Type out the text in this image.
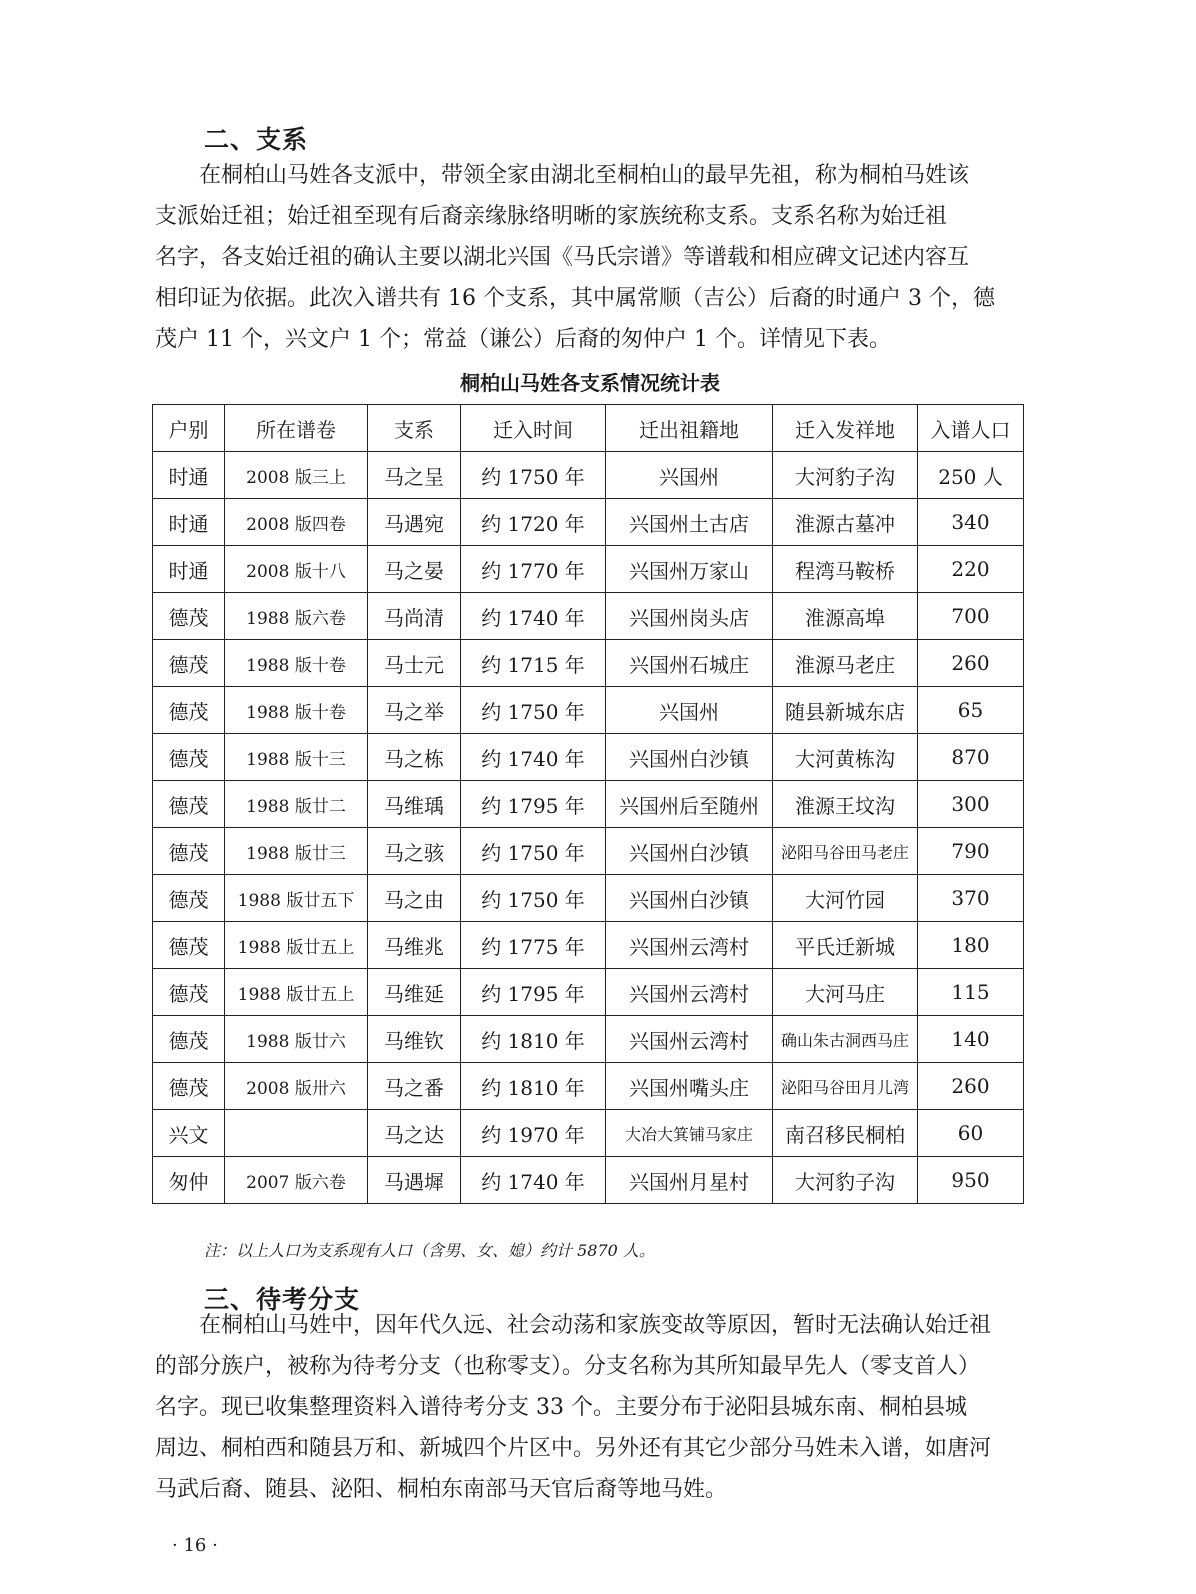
二、支系
在桐柏山马姓各支派中，带领全家由湖北至桐柏山的最早先祖，称为桐柏马姓该
支派始迁祖；始迁祖至现有后裔亲缘脉络明晰的家族统称支系。支系名称为始迁祖
名字，各支始迁祖的确认主要以湖北兴国《马氏宗谱》等谱载和相应碑文记述内容互
相印证为依据。此次入谱共有 16 个支系，其中属常顺（吉公）后裔的时通户 3 个，德
茂户 11 个，兴文户 1 个；常益（谦公）后裔的匆仲户 1 个。详情见下表。
桐柏山马姓各支系情况统计表
户别	所在谱卷	支系	迁入时间	迁出祖籍地	迁入发祥地	入谱人口
时通	2008 版三上	马之呈	约 1750 年	兴国州	大河豹子沟	250 人
时通	2008 版四卷	马遇宛	约 1720 年	兴国州土古店	淮源古墓冲	340
时通	2008 版十八	马之晏	约 1770 年	兴国州万家山	程湾马鞍桥	220
德茂	1988 版六卷	马尚清	约 1740 年	兴国州岗头店	淮源高埠	700
德茂	1988 版十卷	马士元	约 1715 年	兴国州石城庄	淮源马老庄	260
德茂	1988 版十卷	马之举	约 1750 年	兴国州	随县新城东店	65
德茂	1988 版十三	马之栋	约 1740 年	兴国州白沙镇	大河黄栋沟	870
德茂	1988 版廿二	马维瑀	约 1795 年	兴国州后至随州	淮源王坟沟	300
德茂	1988 版廿三	马之骇	约 1750 年	兴国州白沙镇	泌阳马谷田马老庄	790
德茂	1988 版廿五下	马之由	约 1750 年	兴国州白沙镇	大河竹园	370
德茂	1988 版廿五上	马维兆	约 1775 年	兴国州云湾村	平氏迁新城	180
德茂	1988 版廿五上	马维延	约 1795 年	兴国州云湾村	大河马庄	115
德茂	1988 版廿六	马维钦	约 1810 年	兴国州云湾村	确山朱古洞西马庄	140
德茂	2008 版卅六	马之番	约 1810 年	兴国州嘴头庄	泌阳马谷田月儿湾	260
兴文		马之达	约 1970 年	大冶大箕铺马家庄	南召移民桐柏	60
匆仲	2007 版六卷	马遇墀	约 1740 年	兴国州月星村	大河豹子沟	950
注：以上人口为支系现有人口（含男、女、媳）约计 5870 人。
三、待考分支
在桐柏山马姓中，因年代久远、社会动荡和家族变故等原因，暂时无法确认始迁祖
的部分族户，被称为待考分支（也称零支）。分支名称为其所知最早先人（零支首人）
名字。现已收集整理资料入谱待考分支 33 个。主要分布于泌阳县城东南、桐柏县城
周边、桐柏西和随县万和、新城四个片区中。另外还有其它少部分马姓未入谱，如唐河
马武后裔、随县、泌阳、桐柏东南部马天官后裔等地马姓。
· 16 ·
